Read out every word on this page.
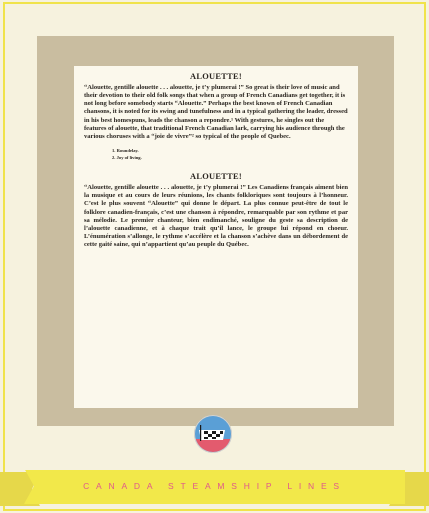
ALOUETTE!

“Alouette, gentille alouette . . . alouette, je t’y plumerai !” So great is their love of music and their devotion to their old folk songs that when a group of French Canadians get together, it is not long before somebody starts “Alouette.” Perhaps the best known of French Canadian chansons, it is noted for its swing and tunefulness and in a typical gathering the leader, dressed in his best homespuns, leads the chanson a repondre.¹ With gestures, he singles out the features of alouette, that traditional French Canadian lark, carrying his audience through the various choruses with a “joie de vivre”² so typical of the people of Quebec.

1. Roundelay.
2. Joy of living.
ALOUETTE!

“Alouette, gentille alouette . . . alouette, je t’y plumerai !” Les Canadiens français aiment bien la musique et au cours de leurs réunions, les chants folkloriques sont toujours à l’honneur. C’est le plus souvent “Alouette” qui donne le départ. La plus connue peut-être de tout le folklore canadien-français, c’est une chanson à répondre, remarquable par son rythme et par sa mélodie. Le premier chanteur, bien endimanché, souligne du geste sa description de l’alouette canadienne, et à chaque trait qu’il lance, le groupe lui répond en choeur. L’énumération s’allonge, le rythme s’accélère et la chanson s’achève dans un débordement de cette gaité saine, qui n’appartient qu’au peuple du Québec.

CANADA STEAMSHIP LINES
